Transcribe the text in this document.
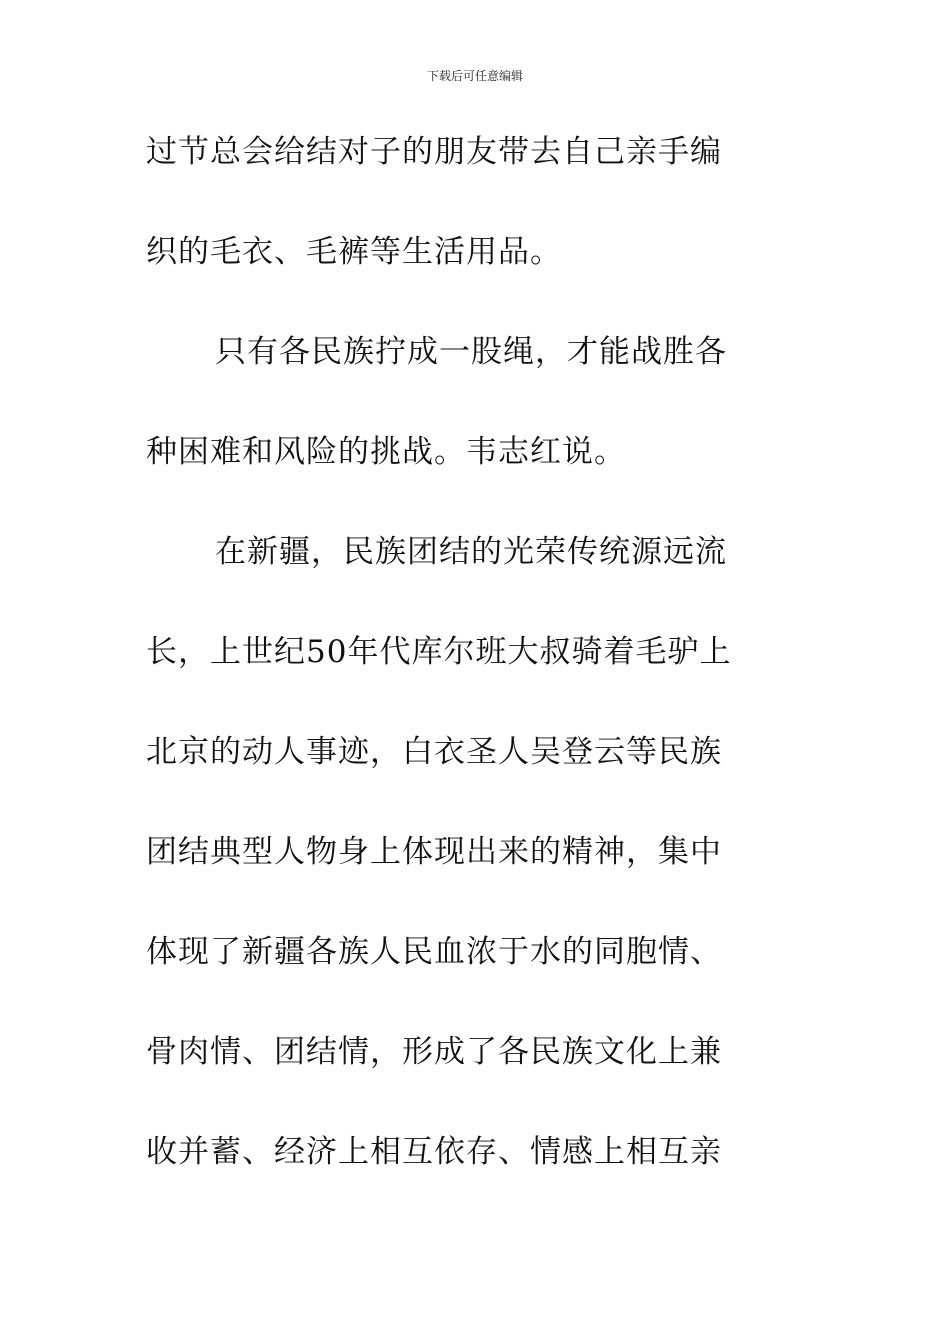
下载后可任意编辑
过节总会给结对子的朋友带去自己亲手编
织的毛衣、毛裤等生活用品。
只有各民族拧成一股绳，才能战胜各
种困难和风险的挑战。韦志红说。
在新疆，民族团结的光荣传统源远流
长，上世纪50年代库尔班大叔骑着毛驴上
北京的动人事迹，白衣圣人吴登云等民族
团结典型人物身上体现出来的精神，集中
体现了新疆各族人民血浓于水的同胞情、
骨肉情、团结情，形成了各民族文化上兼
收并蓄、经济上相互依存、情感上相互亲
